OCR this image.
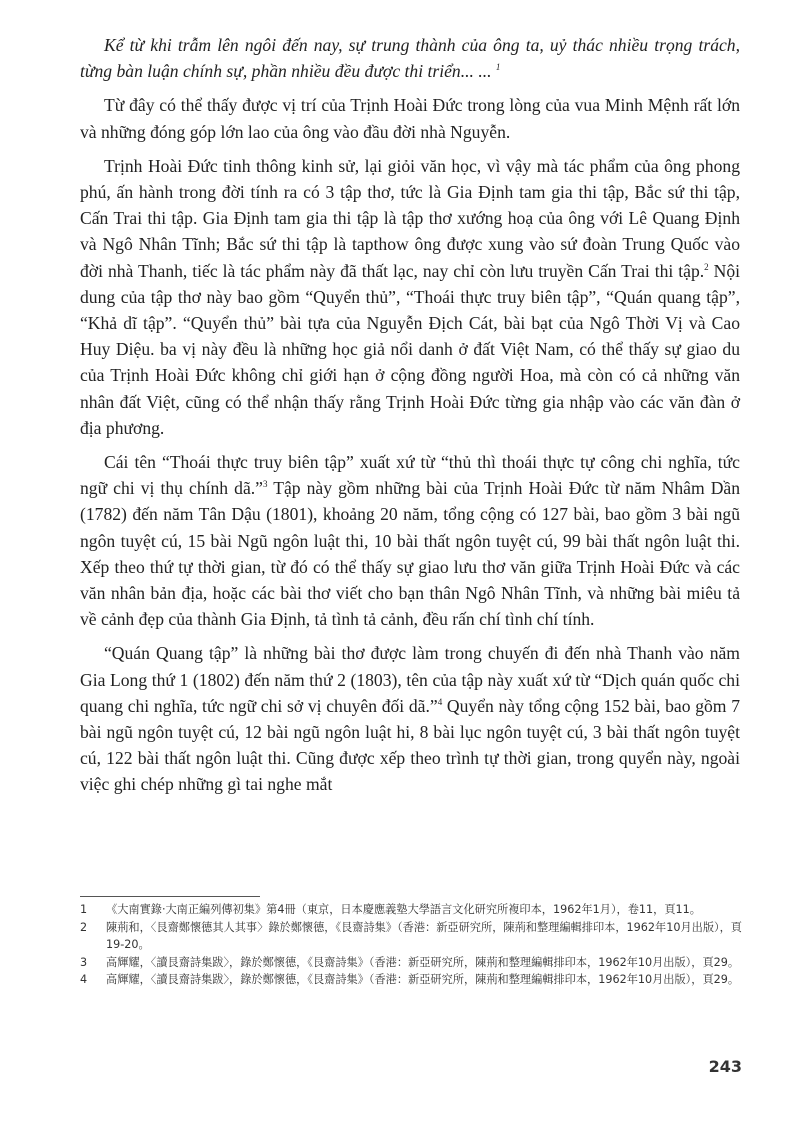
Kể từ khi trẫm lên ngôi đến nay, sự trung thành của ông ta, uỷ thác nhiều trọng trách, từng bàn luận chính sự, phần nhiều đều được thi triển... ... $^1$

Từ đây có thể thấy được vị trí của Trịnh Hoài Đức trong lòng của vua Minh Mệnh rất lớn và những đóng góp lớn lao của ông vào đầu đời nhà Nguyễn.

Trịnh Hoài Đức tinh thông kinh sử, lại giỏi văn học, vì vậy mà tác phẩm của ông phong phú, ấn hành trong đời tính ra có 3 tập thơ, tức là Gia Định tam gia thi tập, Bắc sứ thi tập, Cấn Trai thi tập. Gia Định tam gia thi tập là tập thơ xướng hoạ của ông với Lê Quang Định và Ngô Nhân Tĩnh; Bắc sứ thi tập là tapthow ông được xung vào sứ đoàn Trung Quốc vào đời nhà Thanh, tiếc là tác phẩm này đã thất lạc, nay chỉ còn lưu truyền Cấn Trai thi tập.$^2$ Nội dung của tập thơ này bao gồm “Quyển thủ”, “Thoái thực truy biên tập”, “Quán quang tập”, “Khả dĩ tập”. “Quyển thủ” bài tựa của Nguyễn Địch Cát, bài bạt của Ngô Thời Vị và Cao Huy Diệu. ba vị này đều là những học giả nổi danh ở đất Việt Nam, có thể thấy sự giao du của Trịnh Hoài Đức không chỉ giới hạn ở cộng đồng người Hoa, mà còn có cả những văn nhân đất Việt, cũng có thể nhận thấy rằng Trịnh Hoài Đức từng gia nhập vào các văn đàn ở địa phương.

Cái tên “Thoái thực truy biên tập” xuất xứ từ “thủ thì thoái thực tự công chi nghĩa, tức ngữ chi vị thụ chính dã.”$^3$ Tập này gồm những bài của Trịnh Hoài Đức từ năm Nhâm Dần (1782) đến năm Tân Dậu (1801), khoảng 20 năm, tổng cộng có 127 bài, bao gồm 3 bài ngũ ngôn tuyệt cú, 15 bài Ngũ ngôn luật thi, 10 bài thất ngôn tuyệt cú, 99 bài thất ngôn luật thi. Xếp theo thứ tự thời gian, từ đó có thể thấy sự giao lưu thơ văn giữa Trịnh Hoài Đức và các văn nhân bản địa, hoặc các bài thơ viết cho bạn thân Ngô Nhân Tĩnh, và những bài miêu tả về cảnh đẹp của thành Gia Định, tả tình tả cảnh, đều rấn chí tình chí tính.

“Quán Quang tập” là những bài thơ được làm trong chuyến đi đến nhà Thanh vào năm Gia Long thứ 1 (1802) đến năm thứ 2 (1803), tên của tập này xuất xứ từ “Dịch quán quốc chi quang chi nghĩa, tức ngữ chi sở vị chuyên đối dã.”$^4$ Quyển này tổng cộng 152 bài, bao gồm 7 bài ngũ ngôn tuyệt cú, 12 bài ngũ ngôn luật hi, 8 bài lục ngôn tuyệt cú, 3 bài thất ngôn tuyệt cú, 122 bài thất ngôn luật thi. Cũng được xếp theo trình tự thời gian, trong quyển này, ngoài việc ghi chép những gì tai nghe mắt

1	《大南實錄·大南正編列傳初集》第4冊（東京，日本慶應義塾大學語言文化研究所複印本，1962年1月），卷11，頁11。
2	陳荊和，〈艮齋鄭懷德其人其事〉錄於鄭懷德，《艮齋詩集》（香港：新亞研究所，陳荊和整理編輯排印本，1962年10月出版），頁19-20。
3	高輝耀，〈讀艮齋詩集跋〉，錄於鄭懷德，《艮齋詩集》（香港：新亞研究所，陳荊和整理編輯排印本，1962年10月出版），頁29。
4	高輝耀，〈讀艮齋詩集跋〉，錄於鄭懷德，《艮齋詩集》（香港：新亞研究所，陳荊和整理編輯排印本，1962年10月出版），頁29。
243
